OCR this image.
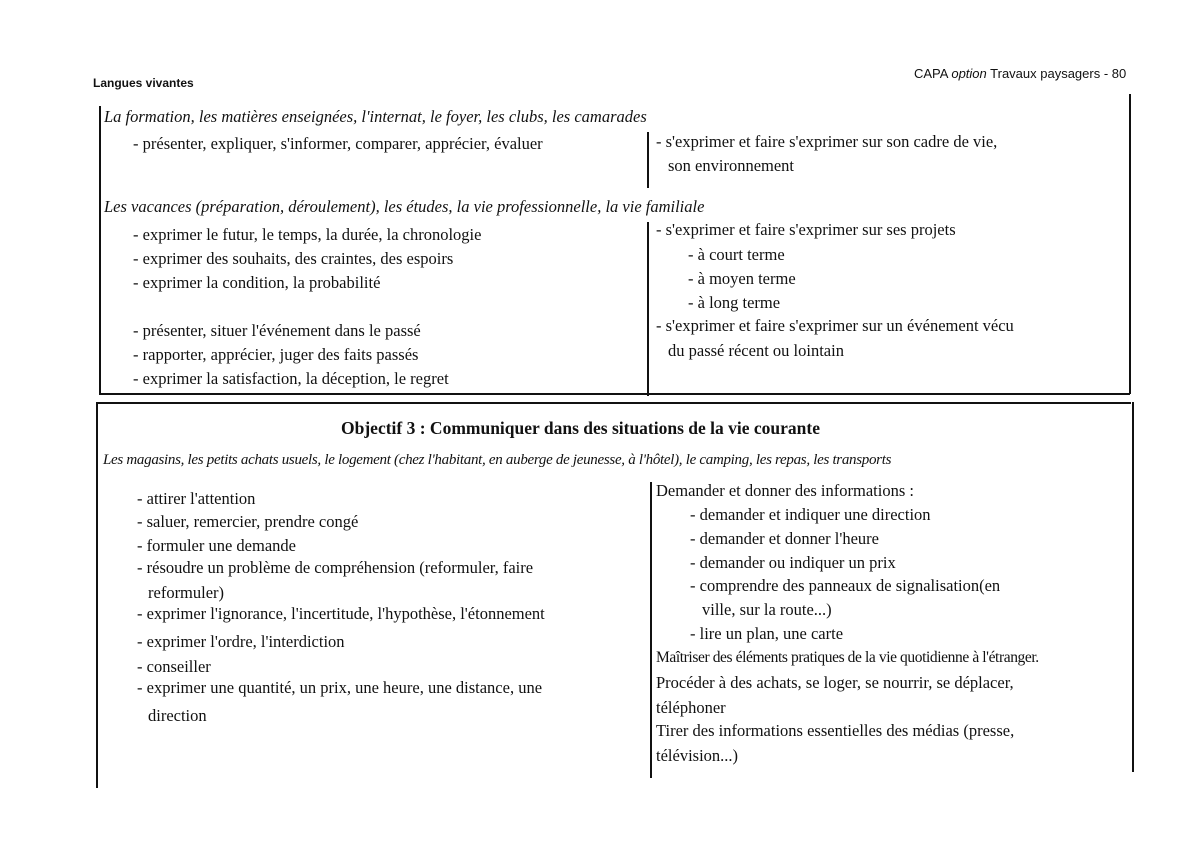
Langues vivantes
CAPA option Travaux paysagers - 80
La formation, les matières enseignées, l'internat, le foyer, les clubs, les camarades
- présenter, expliquer, s'informer, comparer, apprécier, évaluer	- s'exprimer et faire s'exprimer sur son cadre de vie,
son environnement
Les vacances (préparation, déroulement), les études, la vie professionnelle, la vie familiale
- exprimer le futur, le temps, la durée, la chronologie
- exprimer des souhaits, des craintes, des espoirs
- exprimer la condition, la probabilité
- présenter, situer l'événement dans le passé
- rapporter, apprécier, juger des faits passés
- exprimer la satisfaction, la déception, le regret
- s'exprimer et faire s'exprimer sur ses projets
- à court terme
- à moyen terme
- à long terme
- s'exprimer et faire s'exprimer sur un événement vécu
du passé récent ou lointain
Objectif 3 : Communiquer dans des situations de la vie courante
Les magasins, les petits achats usuels, le logement (chez l'habitant, en auberge de jeunesse, à l'hôtel), le camping, les repas, les transports
- attirer l'attention
- saluer, remercier, prendre congé
- formuler une demande
- résoudre un problème de compréhension (reformuler, faire
reformuler)
- exprimer l'ignorance, l'incertitude, l'hypothèse, l'étonnement
- exprimer l'ordre, l'interdiction
- conseiller
- exprimer une quantité, un prix, une heure, une distance, une
direction
Demander et donner des informations :
- demander et indiquer une direction
- demander et donner l'heure
- demander ou indiquer un prix
- comprendre des panneaux de signalisation(en
ville, sur la route...)
- lire un plan, une carte
Maîtriser des éléments pratiques de la vie quotidienne à l'étranger.
Procéder à des achats, se loger, se nourrir, se déplacer,
téléphoner
Tirer des informations essentielles des médias (presse,
télévision...)
